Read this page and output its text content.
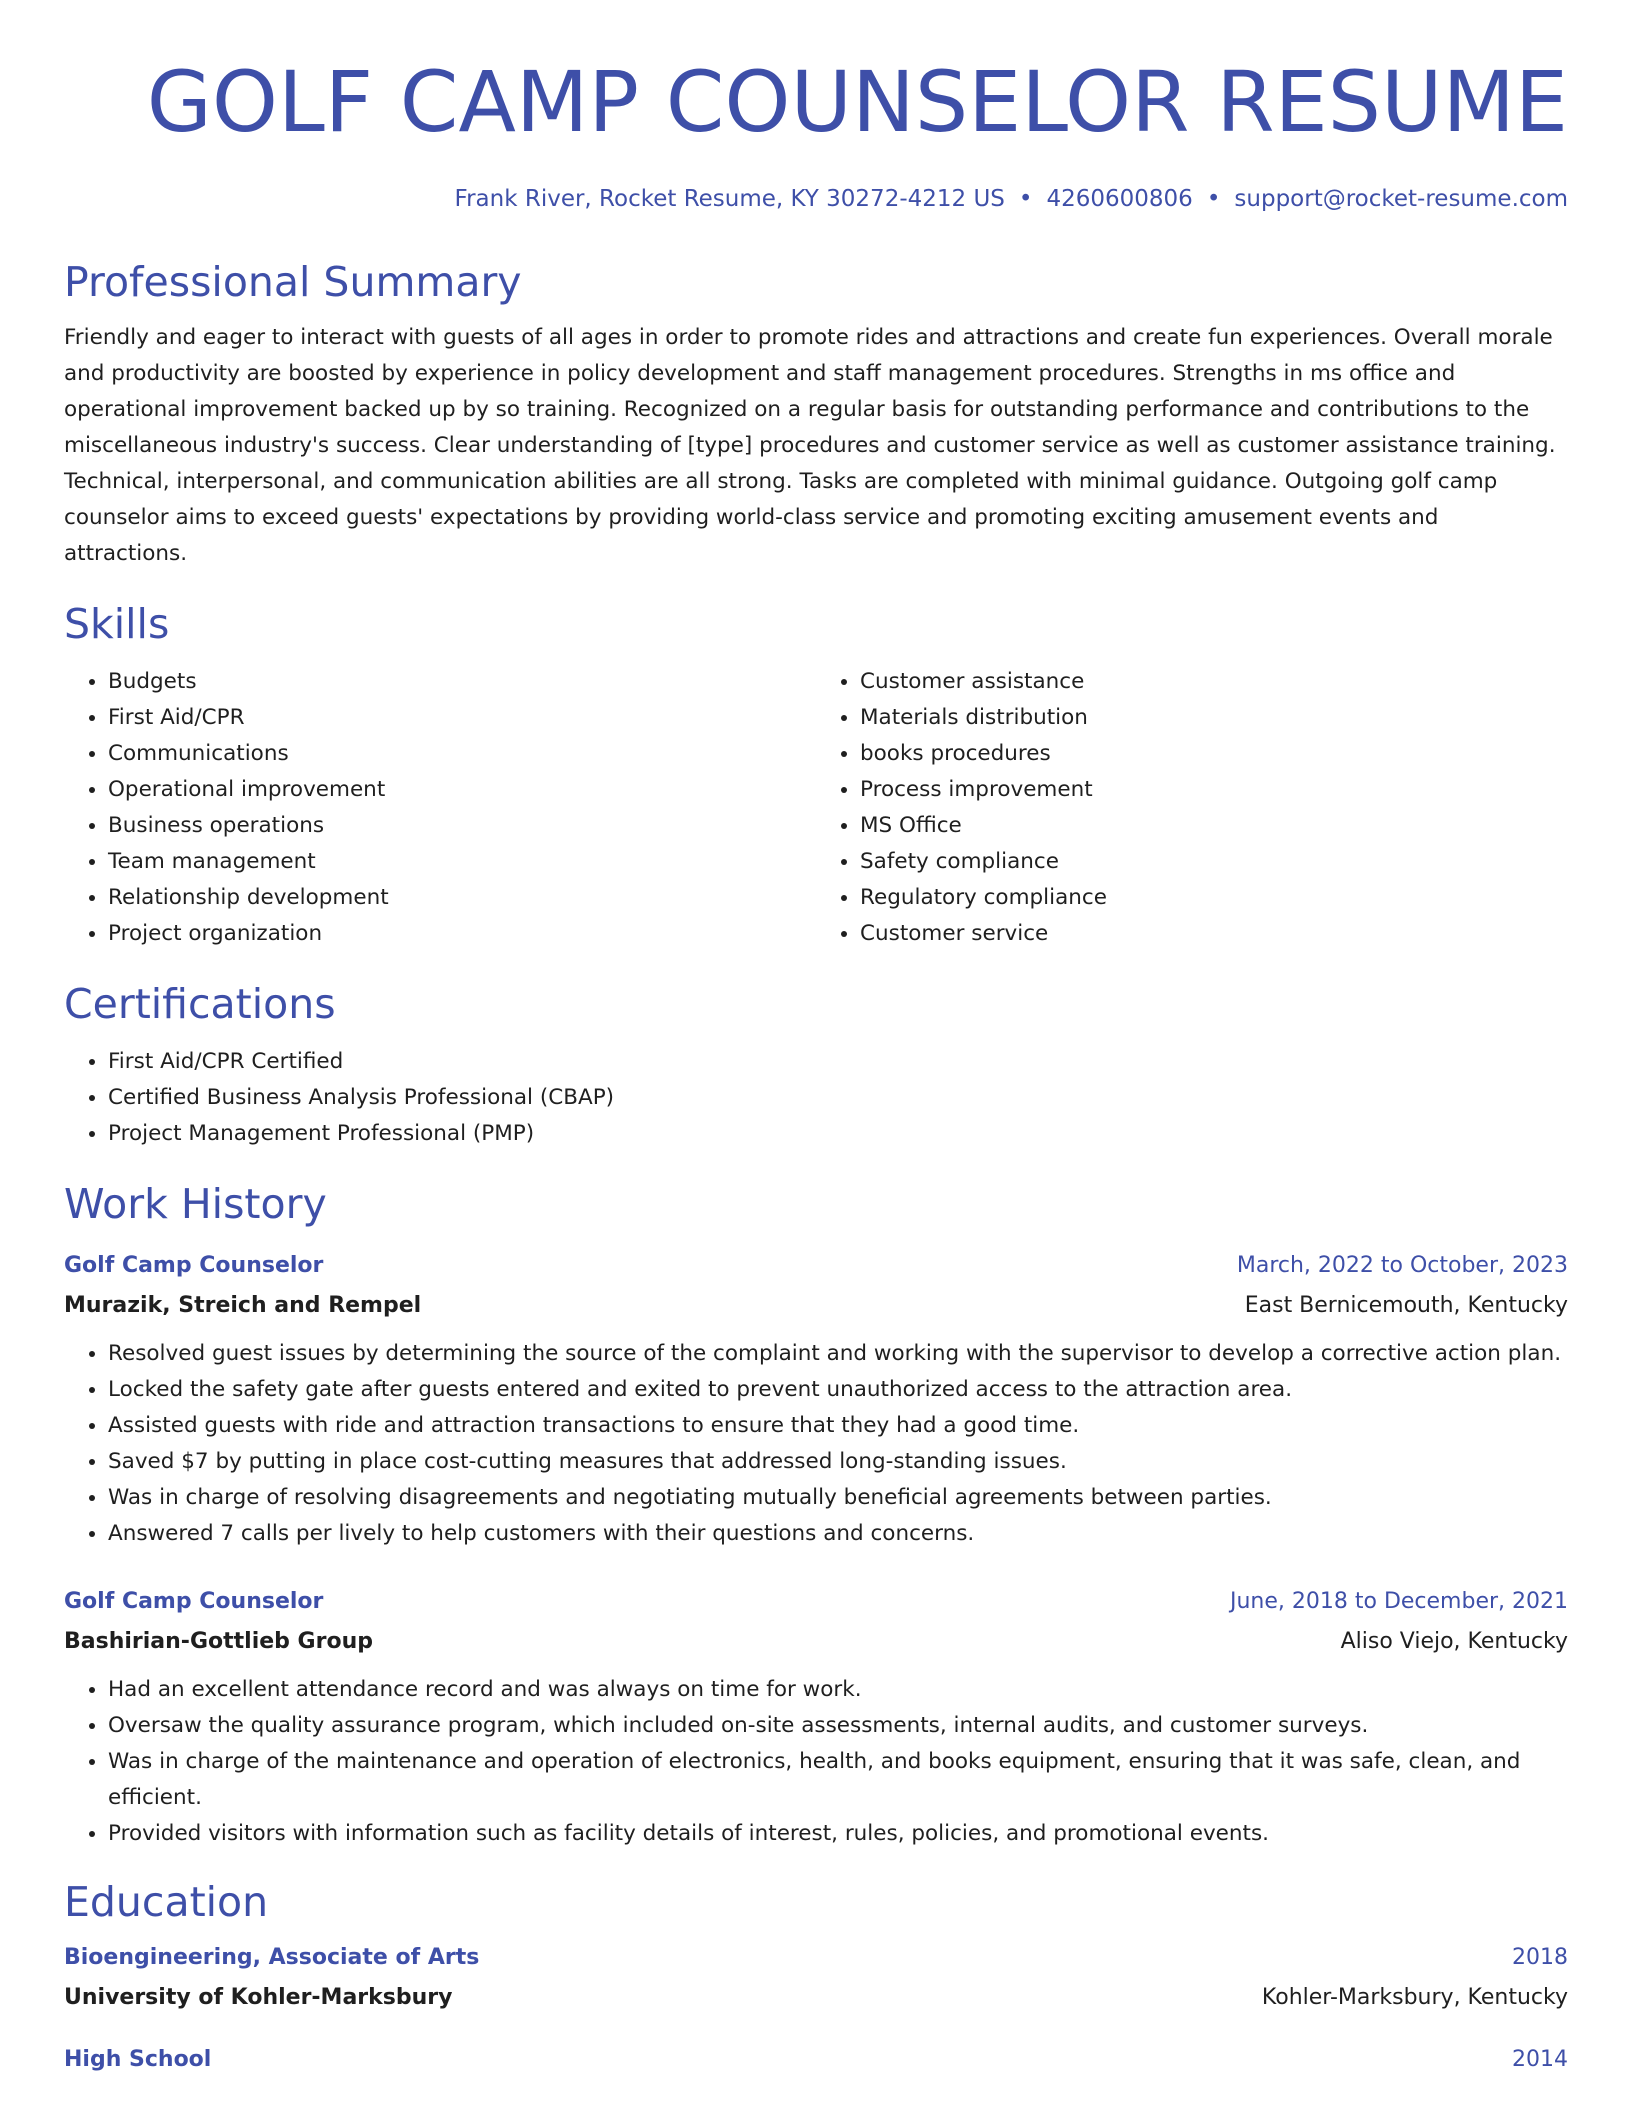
GOLF CAMP COUNSELOR RESUME
Frank River, Rocket Resume, KY 30272-4212 US • 4260600806 • support@rocket-resume.com
Professional Summary

Friendly and eager to interact with guests of all ages in order to promote rides and attractions and create fun experiences. Overall morale and productivity are boosted by experience in policy development and staff management procedures. Strengths in ms office and operational improvement backed up by so training. Recognized on a regular basis for outstanding performance and contributions to the miscellaneous industry's success. Clear understanding of [type] procedures and customer service as well as customer assistance training. Technical, interpersonal, and communication abilities are all strong. Tasks are completed with minimal guidance. Outgoing golf camp counselor aims to exceed guests' expectations by providing world-class service and promoting exciting amusement events and attractions.

Skills
• Budgets
• First Aid/CPR
• Communications
• Operational improvement
• Business operations
• Team management
• Relationship development
• Project organization
• Customer assistance
• Materials distribution
• books procedures
• Process improvement
• MS Office
• Safety compliance
• Regulatory compliance
• Customer service
Certifications
• First Aid/CPR Certified
• Certified Business Analysis Professional (CBAP)
• Project Management Professional (PMP)
Work History
Golf Camp Counselor	March, 2022 to October, 2023
Murazik, Streich and Rempel	East Bernicemouth, Kentucky
• Resolved guest issues by determining the source of the complaint and working with the supervisor to develop a corrective action plan.
• Locked the safety gate after guests entered and exited to prevent unauthorized access to the attraction area.
• Assisted guests with ride and attraction transactions to ensure that they had a good time.
• Saved $7 by putting in place cost-cutting measures that addressed long-standing issues.
• Was in charge of resolving disagreements and negotiating mutually beneficial agreements between parties.
• Answered 7 calls per lively to help customers with their questions and concerns.
Golf Camp Counselor	June, 2018 to December, 2021
Bashirian-Gottlieb Group	Aliso Viejo, Kentucky
• Had an excellent attendance record and was always on time for work.
• Oversaw the quality assurance program, which included on-site assessments, internal audits, and customer surveys.
• Was in charge of the maintenance and operation of electronics, health, and books equipment, ensuring that it was safe, clean, and efficient.
• Provided visitors with information such as facility details of interest, rules, policies, and promotional events.
Education
Bioengineering, Associate of Arts	2018
University of Kohler-Marksbury	Kohler-Marksbury, Kentucky
High School	2014
